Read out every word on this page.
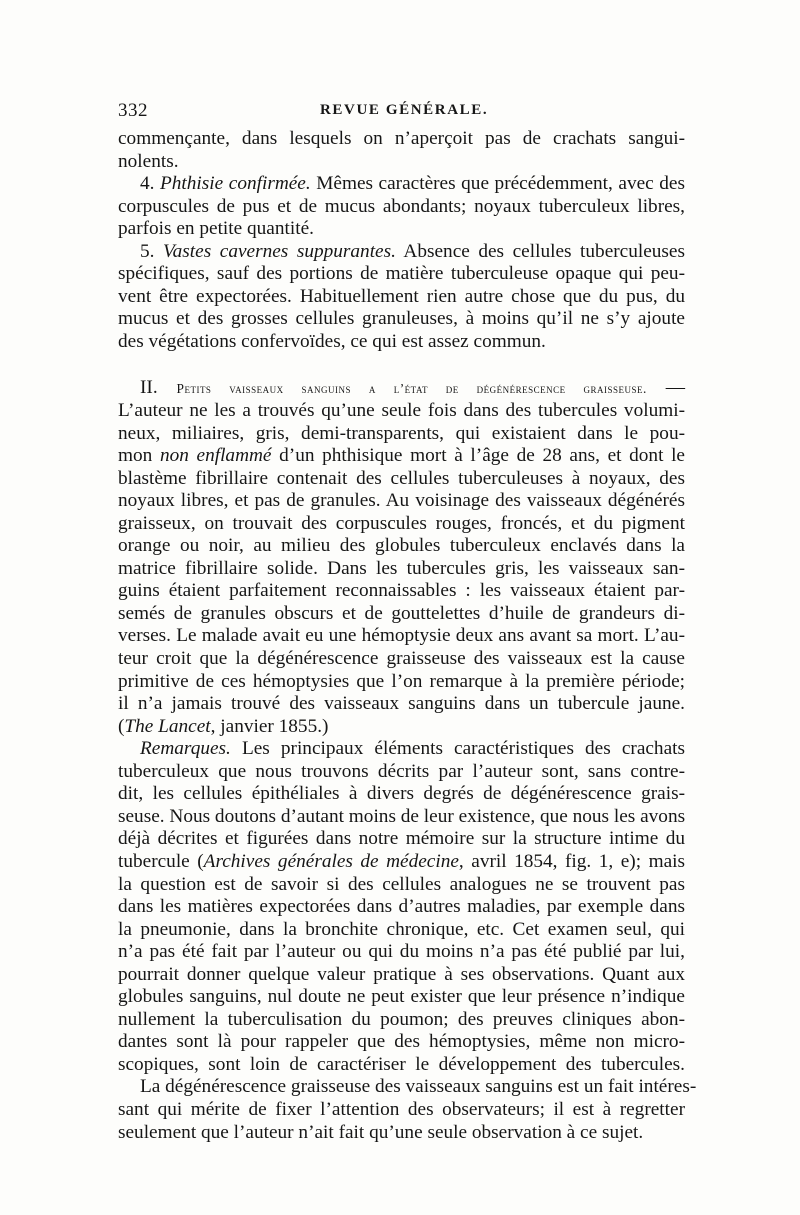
332	REVUE GÉNÉRALE.
commençante, dans lesquels on n’aperçoit pas de crachats sangui-
nolents.
4. Phthisie confirmée. Mêmes caractères que précédemment, avec des
corpuscules de pus et de mucus abondants; noyaux tuberculeux libres,
parfois en petite quantité.
5. Vastes cavernes suppurantes. Absence des cellules tuberculeuses
spécifiques, sauf des portions de matière tuberculeuse opaque qui peu-
vent être expectorées. Habituellement rien autre chose que du pus, du
mucus et des grosses cellules granuleuses, à moins qu’il ne s’y ajoute
des végétations confervoïdes, ce qui est assez commun.
II. Petits vaisseaux sanguins a l’état de dégénérescence graisseuse. —
L’auteur ne les a trouvés qu’une seule fois dans des tubercules volumi-
neux, miliaires, gris, demi-transparents, qui existaient dans le pou-
mon non enflammé d’un phthisique mort à l’âge de 28 ans, et dont le
blastème fibrillaire contenait des cellules tuberculeuses à noyaux, des
noyaux libres, et pas de granules. Au voisinage des vaisseaux dégénérés
graisseux, on trouvait des corpuscules rouges, froncés, et du pigment
orange ou noir, au milieu des globules tuberculeux enclavés dans la
matrice fibrillaire solide. Dans les tubercules gris, les vaisseaux san-
guins étaient parfaitement reconnaissables : les vaisseaux étaient par-
semés de granules obscurs et de gouttelettes d’huile de grandeurs di-
verses. Le malade avait eu une hémoptysie deux ans avant sa mort. L’au-
teur croit que la dégénérescence graisseuse des vaisseaux est la cause
primitive de ces hémoptysies que l’on remarque à la première période;
il n’a jamais trouvé des vaisseaux sanguins dans un tubercule jaune.
(The Lancet, janvier 1855.)
Remarques. Les principaux éléments caractéristiques des crachats
tuberculeux que nous trouvons décrits par l’auteur sont, sans contre-
dit, les cellules épithéliales à divers degrés de dégénérescence grais-
seuse. Nous doutons d’autant moins de leur existence, que nous les avons
déjà décrites et figurées dans notre mémoire sur la structure intime du
tubercule (Archives générales de médecine, avril 1854, fig. 1, e); mais
la question est de savoir si des cellules analogues ne se trouvent pas
dans les matières expectorées dans d’autres maladies, par exemple dans
la pneumonie, dans la bronchite chronique, etc. Cet examen seul, qui
n’a pas été fait par l’auteur ou qui du moins n’a pas été publié par lui,
pourrait donner quelque valeur pratique à ses observations. Quant aux
globules sanguins, nul doute ne peut exister que leur présence n’indique
nullement la tuberculisation du poumon; des preuves cliniques abon-
dantes sont là pour rappeler que des hémoptysies, même non micro-
scopiques, sont loin de caractériser le développement des tubercules.
La dégénérescence graisseuse des vaisseaux sanguins est un fait intéres-
sant qui mérite de fixer l’attention des observateurs; il est à regretter
seulement que l’auteur n’ait fait qu’une seule observation à ce sujet.
